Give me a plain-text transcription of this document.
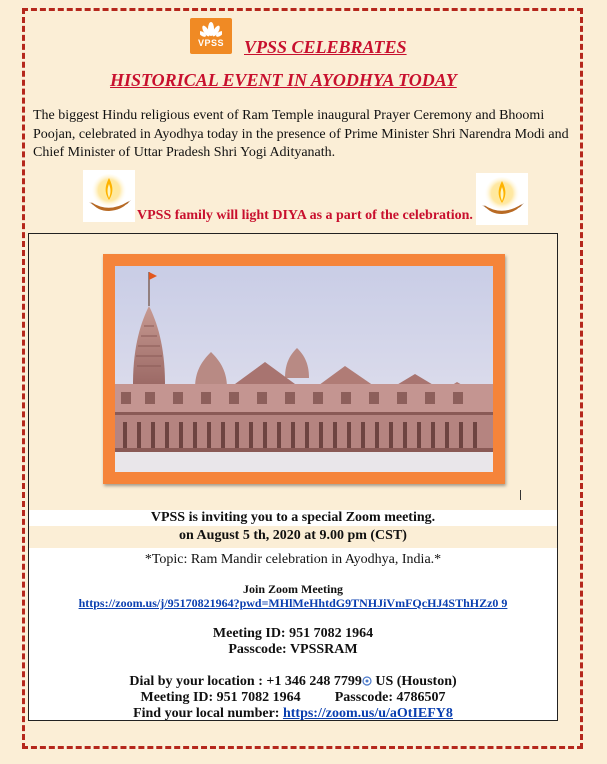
VPSS	VPSS CELEBRATES
HISTORICAL EVENT IN AYODHYA TODAY
The biggest Hindu religious event of Ram Temple inaugural Prayer Ceremony and Bhoomi Poojan, celebrated in Ayodhya today in the presence of Prime Minister Shri Narendra Modi and Chief Minister of Uttar Pradesh Shri Yogi Adityanath.
VPSS family will light DIYA as a part of the celebration.
VPSS is inviting you to a special Zoom meeting.
on August 5 th, 2020 at 9.00 pm (CST)
*Topic: Ram Mandir celebration in Ayodhya, India.*
Join Zoom Meeting
https://zoom.us/j/95170821964?pwd=MHlMeHhtdG9TNHJiVmFQcHJ4SThHZz0 9
Meeting ID: 951 7082 1964
Passcode: VPSSRAM
Dial by your location : +1 346 248 7799 US (Houston)
Meeting ID: 951 7082 1964 Passcode: 4786507
Find your local number: https://zoom.us/u/aOtIEFY8
